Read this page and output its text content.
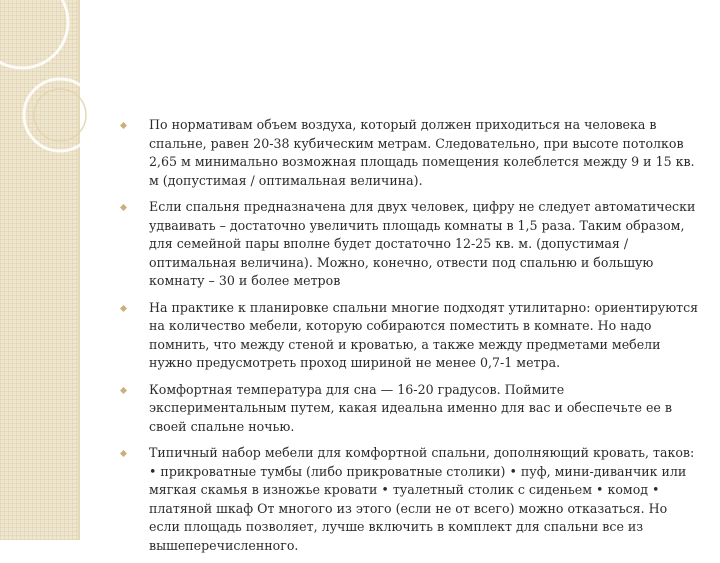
По нормативам объем воздуха, который должен приходиться на человека в спальне, равен 20-38 кубическим метрам. Следовательно, при высоте потолков 2,65 м минимально возможная площадь помещения колеблется между 9 и 15 кв. м (допустимая / оптимальная величина).
Если спальня предназначена для двух человек, цифру не следует автоматически удваивать – достаточно увеличить площадь комнаты в 1,5 раза. Таким образом, для семейной пары вполне будет достаточно 12-25 кв. м. (допустимая / оптимальная величина). Можно, конечно, отвести под спальню и большую комнату – 30 и более метров
На практике к планировке спальни многие подходят утилитарно: ориентируются на количество мебели, которую собираются поместить в комнате. Но надо помнить, что между стеной и кроватью, а также между предметами мебели нужно предусмотреть проход шириной не менее 0,7-1 метра.
Комфортная температура для сна — 16-20 градусов. Поймите экспериментальным путем, какая идеальна именно для вас и обеспечьте ее в своей спальне ночью.
Типичный набор мебели для комфортной спальни, дополняющий кровать, таков: • прикроватные тумбы (либо прикроватные столики) • пуф, мини-диванчик или мягкая скамья в изножье кровати • туалетный столик с сиденьем • комод • платяной шкаф От многого из этого (если не от всего) можно отказаться. Но если площадь позволяет, лучше включить в комплект для спальни все из вышеперечисленного.
